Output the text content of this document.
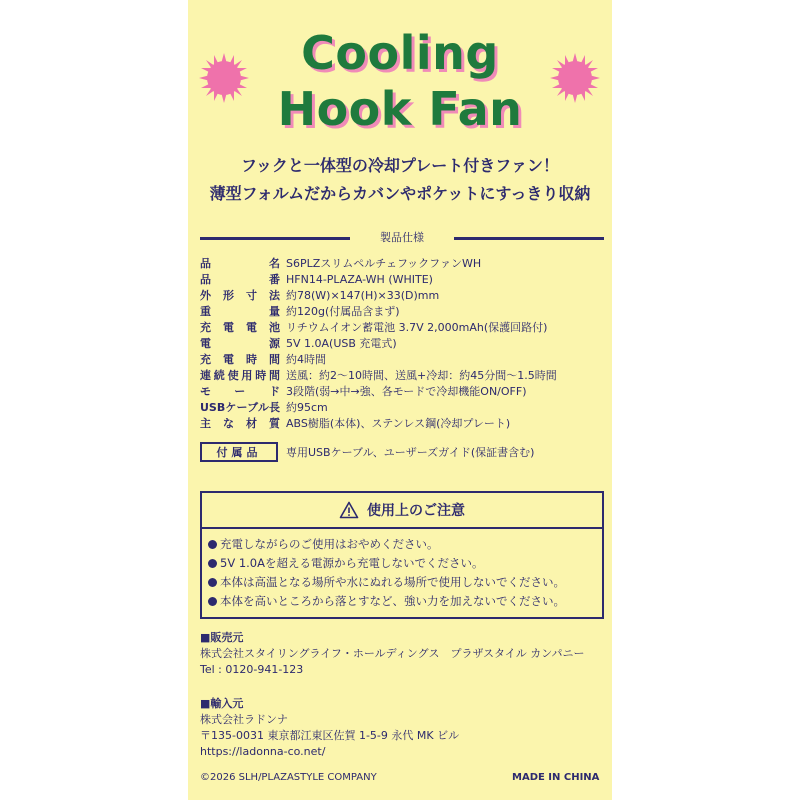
Cooling
Hook Fan
フックと一体型の冷却プレート付きファン！
薄型フォルムだからカバンやポケットにすっきり収納
製品仕様
品名 S6PLZスリムペルチェフックファンWH
品番 HFN14-PLAZA-WH (WHITE)
外形寸法 約78(W)×147(H)×33(D)mm
重量 約120g(付属品含まず)
充電電池 リチウムイオン蓄電池 3.7V 2,000mAh(保護回路付)
電源 5V 1.0A(USB 充電式)
充電時間 約4時間
連続使用時間 送風：約2〜10時間、送風+冷却：約45分間〜1.5時間
モード 3段階(弱→中→強、各モードで冷却機能ON/OFF)
USBケーブル長 約95cm
主な材質 ABS樹脂(本体)、ステンレス鋼(冷却プレート)
付属品	専用USBケーブル、ユーザーズガイド(保証書含む)
使用上のご注意
充電しながらのご使用はおやめください。
5V 1.0Aを超える電源から充電しないでください。
本体は高温となる場所や水にぬれる場所で使用しないでください。
本体を高いところから落とすなど、強い力を加えないでください。
■販売元
株式会社スタイリングライフ・ホールディングス　プラザスタイル カンパニー
Tel : 0120-941-123
■輸入元
株式会社ラドンナ
〒135-0031 東京都江東区佐賀 1-5-9 永代 MK ビル
https://ladonna-co.net/
©2026 SLH/PLAZASTYLE COMPANY	MADE IN CHINA
